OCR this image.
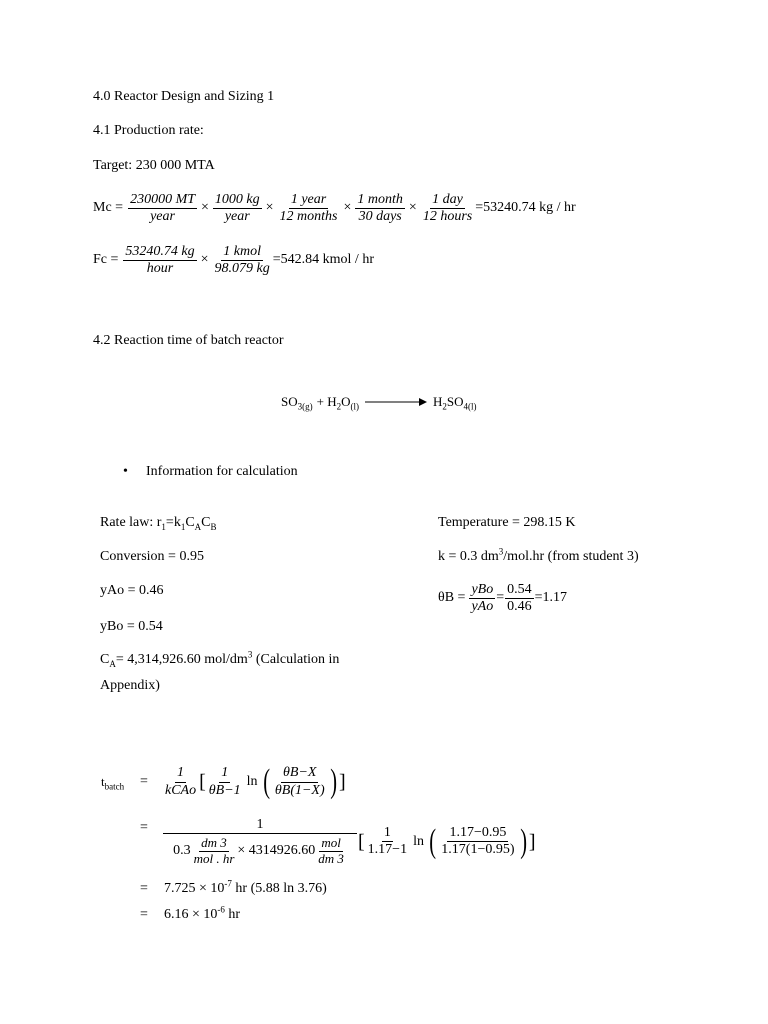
4.0 Reactor Design and Sizing 1
4.1 Production rate:
Target: 230 000 MTA
$Mc = \frac{230000 MT}{\text{year}} \times \frac{1000 kg}{\text{year}} \times \frac{\text{1 year}}{\text{12 months}} \times \frac{\text{1 month}}{\text{30 days}} \times \frac{\text{1 day}}{\text{12 hours}} =53240.74$ kg / hr
$Fc = \frac{53240.74 kg}{\text{hour}} \times \frac{\text{1 kmol}}{98.079 kg} =542.84$ kmol / hr
4.2 Reaction time of batch reactor
$SO_{3(g)} + H_2O_{(l)}$	$H_2SO_{4(l)}$
• Information for calculation
Rate law: $r_1=k_1C_AC_B$
Conversion = 0.95
yAo = 0.46
yBo = 0.54
$C_A= 4,314,926.60$ mol/$dm^3$ (Calculation in
Appendix)
Temperature = 298.15 K
k = 0.3 $dm^3/mol.hr$ (from student 3)
$\theta B = \frac{\text{yBo}}{\text{yAo}} = \frac{0.54}{0.46} =1.17$
$t_{batch} = \frac{1}{\text{kCAo}}$ [ $\frac{1}{\theta B-1}$ ln ( $\frac{\theta B-X}{\theta B(1-X)}$ ) ]
= $\frac{1}{0.3 \frac{dm 3}{\text{mol . hr}} \times 4314926.60 \frac{\text{mol}}{dm 3}}$ [ $\frac{1}{1.17-1}$ ln ( $\frac{1.17-0.95}{1.17(1-0.95)}$ ) ]
= $7.725 \times 10^{-7}$ hr (5.88 ln 3.76)
= $6.16 \times 10^{-6}$ hr
